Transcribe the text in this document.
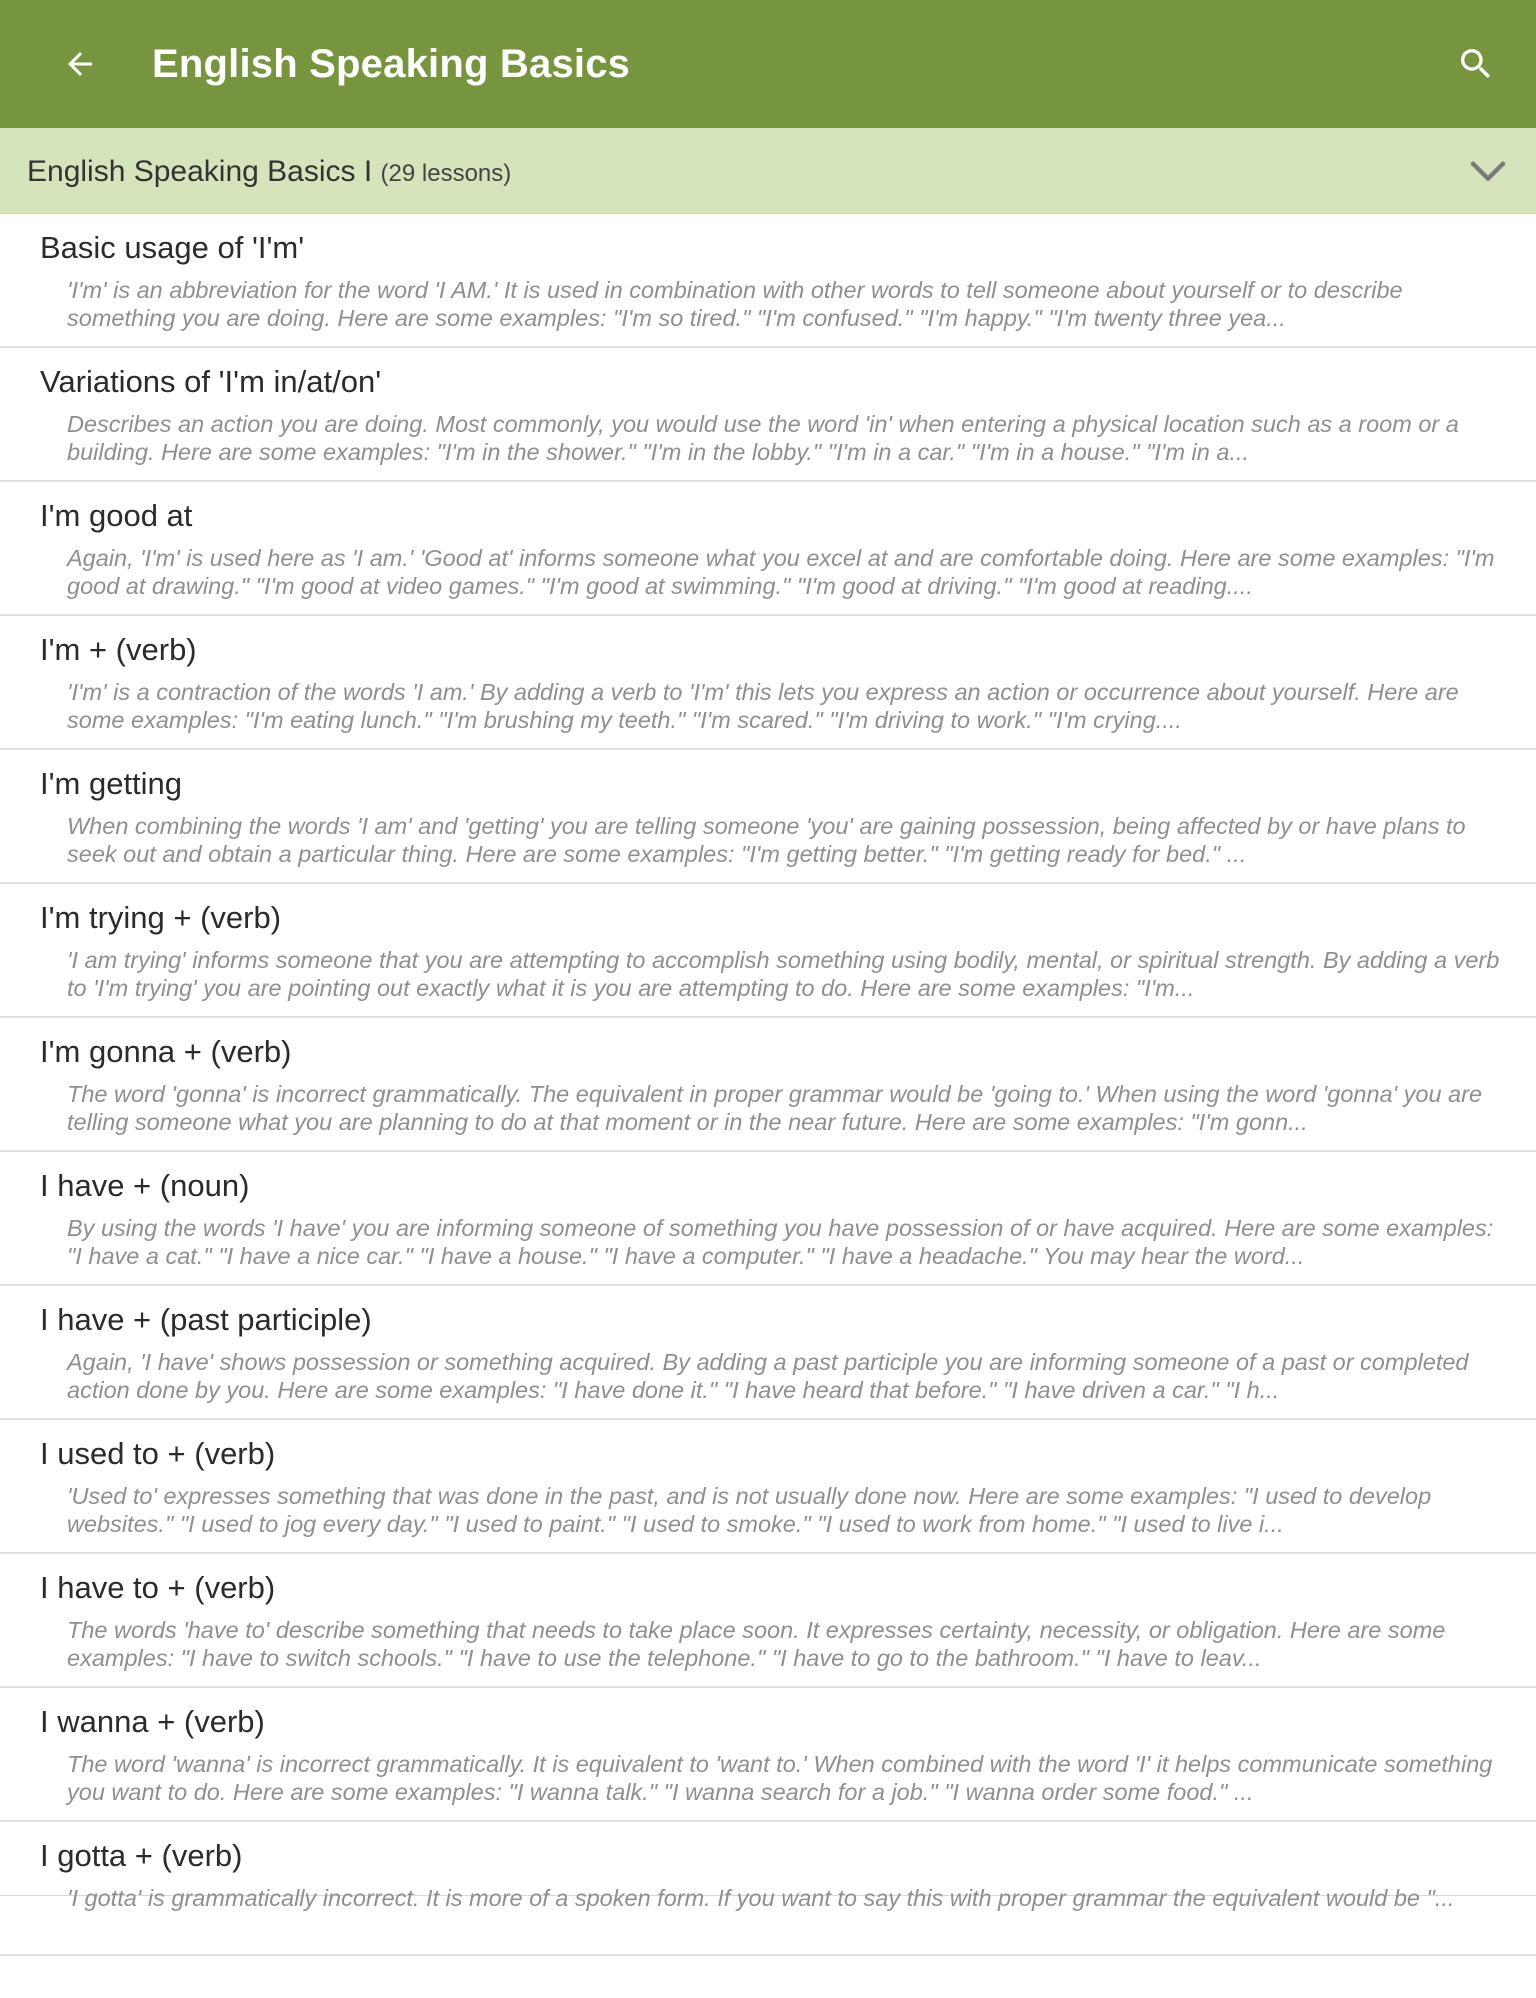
English Speaking Basics
English Speaking Basics I (29 lessons)
Basic usage of 'I'm'
'I'm' is an abbreviation for the word 'I AM.' It is used in combination with other words to tell someone about yourself or to describe something you are doing. Here are some examples: "I'm so tired." "I'm confused." "I'm happy." "I'm twenty three yea...
Variations of 'I'm in/at/on'
Describes an action you are doing. Most commonly, you would use the word 'in' when entering a physical location such as a room or a building. Here are some examples: "I'm in the shower." "I'm in the lobby." "I'm in a car." "I'm in a house." "I'm in a...
I'm good at
Again, 'I'm' is used here as 'I am.' 'Good at' informs someone what you excel at and are comfortable doing. Here are some examples: "I'm good at drawing." "I'm good at video games." "I'm good at swimming." "I'm good at driving." "I'm good at reading....
I'm + (verb)
'I'm' is a contraction of the words 'I am.' By adding a verb to 'I'm' this lets you express an action or occurrence about yourself. Here are some examples: "I'm eating lunch." "I'm brushing my teeth." "I'm scared." "I'm driving to work." "I'm crying....
I'm getting
When combining the words 'I am' and 'getting' you are telling someone 'you' are gaining possession, being affected by or have plans to seek out and obtain a particular thing. Here are some examples: "I'm getting better." "I'm getting ready for bed." ...
I'm trying + (verb)
'I am trying' informs someone that you are attempting to accomplish something using bodily, mental, or spiritual strength. By adding a verb to 'I'm trying' you are pointing out exactly what it is you are attempting to do. Here are some examples: "I'm...
I'm gonna + (verb)
The word 'gonna' is incorrect grammatically. The equivalent in proper grammar would be 'going to.' When using the word 'gonna' you are telling someone what you are planning to do at that moment or in the near future. Here are some examples: "I'm gonn...
I have + (noun)
By using the words 'I have' you are informing someone of something you have possession of or have acquired. Here are some examples: "I have a cat." "I have a nice car." "I have a house." "I have a computer." "I have a headache." You may hear the word...
I have + (past participle)
Again, 'I have' shows possession or something acquired. By adding a past participle you are informing someone of a past or completed action done by you. Here are some examples: "I have done it." "I have heard that before." "I have driven a car." "I h...
I used to + (verb)
'Used to' expresses something that was done in the past, and is not usually done now. Here are some examples: "I used to develop websites." "I used to jog every day." "I used to paint." "I used to smoke." "I used to work from home." "I used to live i...
I have to + (verb)
The words 'have to' describe something that needs to take place soon. It expresses certainty, necessity, or obligation. Here are some examples: "I have to switch schools." "I have to use the telephone." "I have to go to the bathroom." "I have to leav...
I wanna + (verb)
The word 'wanna' is incorrect grammatically. It is equivalent to 'want to.' When combined with the word 'I' it helps communicate something you want to do. Here are some examples: "I wanna talk." "I wanna search for a job." "I wanna order some food." ...
I gotta + (verb)
'I gotta' is grammatically incorrect. It is more of a spoken form. If you want to say this with proper grammar the equivalent would be "...
